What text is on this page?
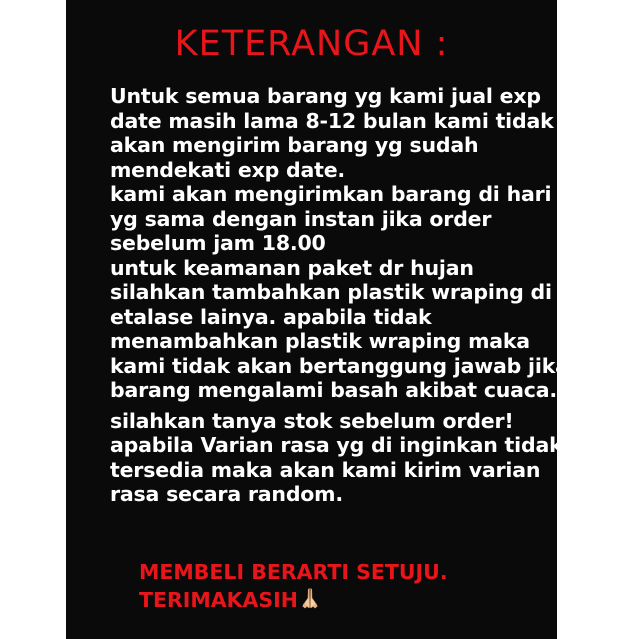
KETERANGAN :
Untuk semua barang yg kami jual exp
date masih lama 8-12 bulan kami tidak
akan mengirim barang yg sudah
mendekati exp date.
kami akan mengirimkan barang di hari
yg sama dengan instan jika order
sebelum jam 18.00
untuk keamanan paket dr hujan
silahkan tambahkan plastik wraping di
etalase lainya. apabila tidak
menambahkan plastik wraping maka
kami tidak akan bertanggung jawab jika
barang mengalami basah akibat cuaca.
silahkan tanya stok sebelum order!
apabila Varian rasa yg di inginkan tidak
tersedia maka akan kami kirim varian
rasa secara random.
MEMBELI BERARTI SETUJU.
TERIMAKASIH
